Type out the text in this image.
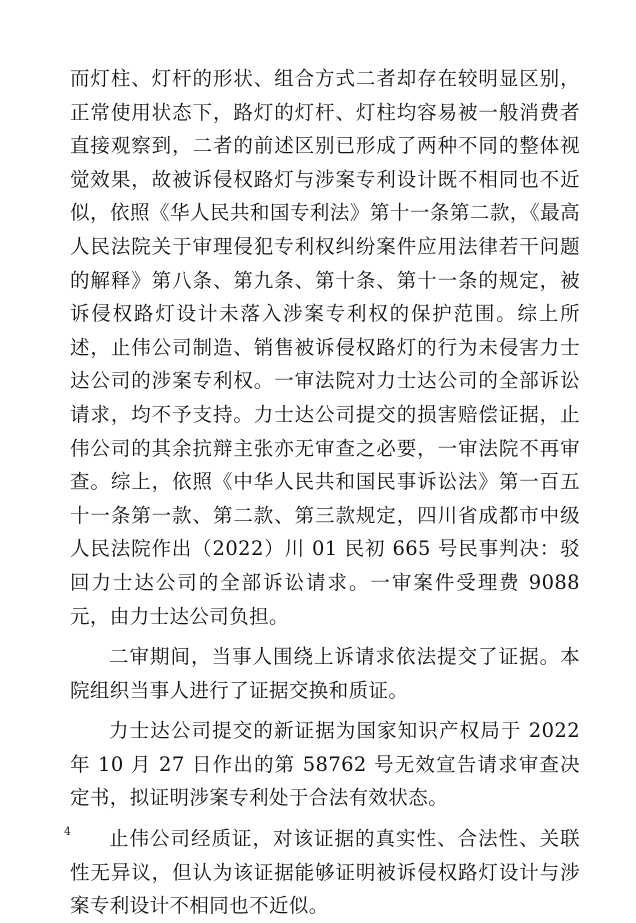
而灯柱、灯杆的形状、组合方式二者却存在较明显区别，正常使用状态下，路灯的灯杆、灯柱均容易被一般消费者直接观察到，二者的前述区别已形成了两种不同的整体视觉效果，故被诉侵权路灯与涉案专利设计既不相同也不近似，依照《华人民共和国专利法》第十一条第二款，《最高人民法院关于审理侵犯专利权纠纷案件应用法律若干问题的解释》第八条、第九条、第十条、第十一条的规定，被诉侵权路灯设计未落入涉案专利权的保护范围。综上所述，止伟公司制造、销售被诉侵权路灯的行为未侵害力士达公司的涉案专利权。一审法院对力士达公司的全部诉讼请求，均不予支持。力士达公司提交的损害赔偿证据，止伟公司的其余抗辩主张亦无审查之必要，一审法院不再审查。综上，依照《中华人民共和国民事诉讼法》第一百五十一条第一款、第二款、第三款规定，四川省成都市中级人民法院作出（2022）川 01 民初 665 号民事判决：驳回力士达公司的全部诉讼请求。一审案件受理费 9088 元，由力士达公司负担。

二审期间，当事人围绕上诉请求依法提交了证据。本院组织当事人进行了证据交换和质证。

力士达公司提交的新证据为国家知识产权局于 2022 年 10 月 27 日作出的第 58762 号无效宣告请求审查决定书，拟证明涉案专利处于合法有效状态。

止伟公司经质证，对该证据的真实性、合法性、关联性无异议，但认为该证据能够证明被诉侵权路灯设计与涉案专利设计不相同也不近似。

4
